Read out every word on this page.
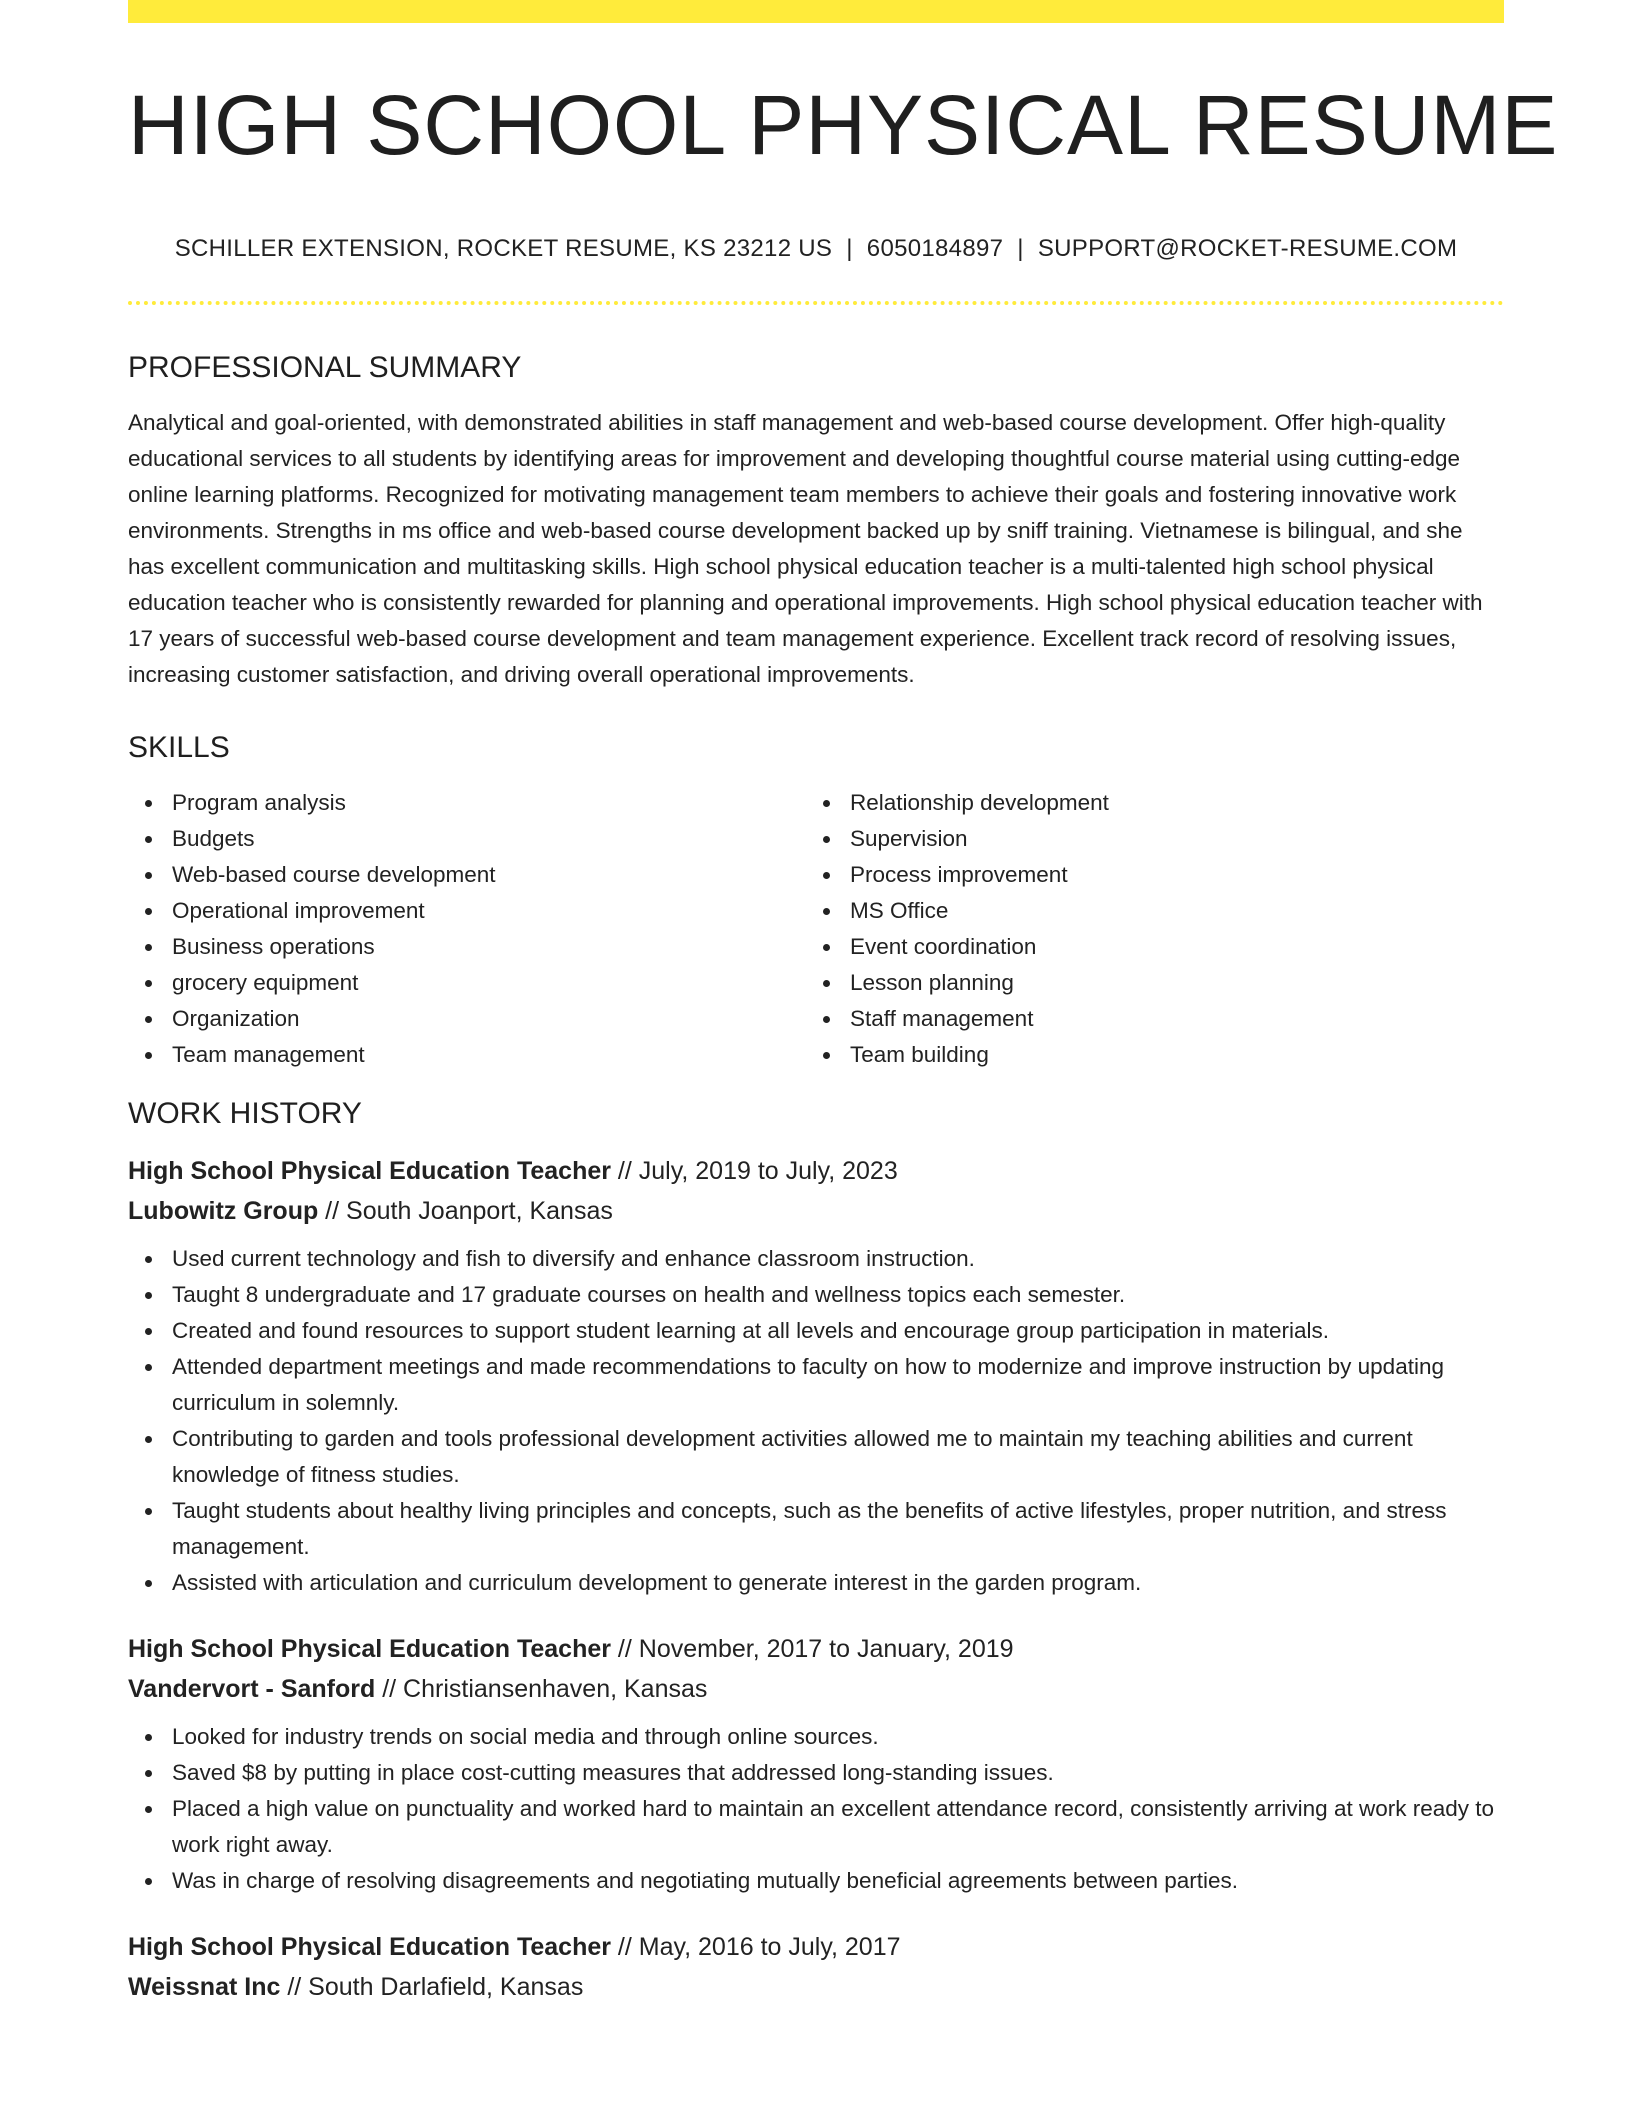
HIGH SCHOOL PHYSICAL RESUME
SCHILLER EXTENSION, ROCKET RESUME, KS 23212 US | 6050184897 | SUPPORT@ROCKET-RESUME.COM
PROFESSIONAL SUMMARY

Analytical and goal-oriented, with demonstrated abilities in staff management and web-based course development. Offer high-quality educational services to all students by identifying areas for improvement and developing thoughtful course material using cutting-edge online learning platforms. Recognized for motivating management team members to achieve their goals and fostering innovative work environments. Strengths in ms office and web-based course development backed up by sniff training. Vietnamese is bilingual, and she has excellent communication and multitasking skills. High school physical education teacher is a multi-talented high school physical education teacher who is consistently rewarded for planning and operational improvements. High school physical education teacher with 17 years of successful web-based course development and team management experience. Excellent track record of resolving issues, increasing customer satisfaction, and driving overall operational improvements.

SKILLS
Program analysis
Budgets
Web-based course development
Operational improvement
Business operations
grocery equipment
Organization
Team management
Relationship development
Supervision
Process improvement
MS Office
Event coordination
Lesson planning
Staff management
Team building
WORK HISTORY
High School Physical Education Teacher // July, 2019 to July, 2023
Lubowitz Group // South Joanport, Kansas
Used current technology and fish to diversify and enhance classroom instruction.
Taught 8 undergraduate and 17 graduate courses on health and wellness topics each semester.
Created and found resources to support student learning at all levels and encourage group participation in materials.
Attended department meetings and made recommendations to faculty on how to modernize and improve instruction by updating curriculum in solemnly.
Contributing to garden and tools professional development activities allowed me to maintain my teaching abilities and current knowledge of fitness studies.
Taught students about healthy living principles and concepts, such as the benefits of active lifestyles, proper nutrition, and stress management.
Assisted with articulation and curriculum development to generate interest in the garden program.
High School Physical Education Teacher // November, 2017 to January, 2019
Vandervort - Sanford // Christiansenhaven, Kansas
Looked for industry trends on social media and through online sources.
Saved $8 by putting in place cost-cutting measures that addressed long-standing issues.
Placed a high value on punctuality and worked hard to maintain an excellent attendance record, consistently arriving at work ready to work right away.
Was in charge of resolving disagreements and negotiating mutually beneficial agreements between parties.
High School Physical Education Teacher // May, 2016 to July, 2017
Weissnat Inc // South Darlafield, Kansas
